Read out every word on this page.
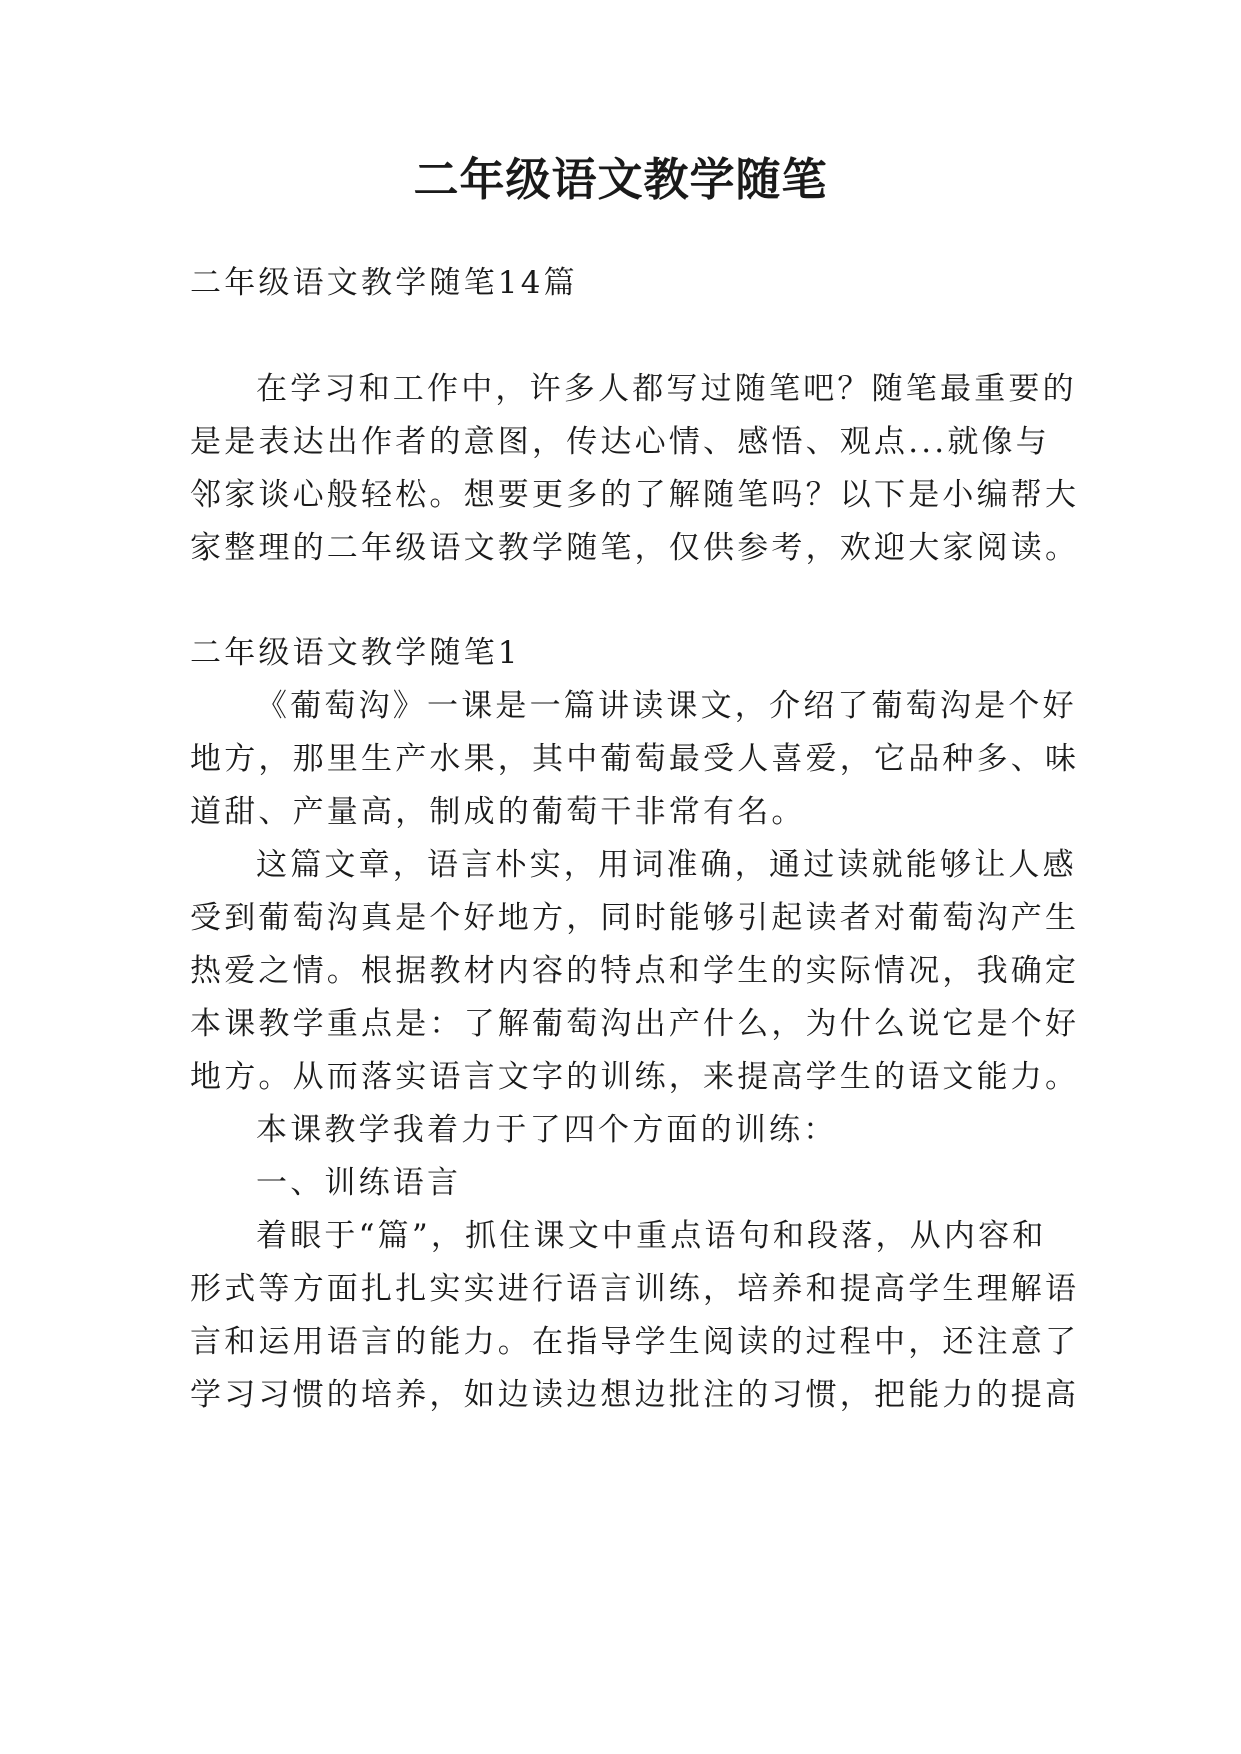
二年级语文教学随笔

二年级语文教学随笔14篇

在学习和工作中，许多人都写过随笔吧？随笔最重要的

是是表达出作者的意图，传达心情、感悟、观点...就像与

邻家谈心般轻松。想要更多的了解随笔吗？以下是小编帮大

家整理的二年级语文教学随笔，仅供参考，欢迎大家阅读。

二年级语文教学随笔1

《葡萄沟》一课是一篇讲读课文，介绍了葡萄沟是个好

地方，那里生产水果，其中葡萄最受人喜爱，它品种多、味

道甜、产量高，制成的葡萄干非常有名。

这篇文章，语言朴实，用词准确，通过读就能够让人感

受到葡萄沟真是个好地方，同时能够引起读者对葡萄沟产生

热爱之情。根据教材内容的特点和学生的实际情况，我确定

本课教学重点是：了解葡萄沟出产什么，为什么说它是个好

地方。从而落实语言文字的训练，来提高学生的语文能力。

本课教学我着力于了四个方面的训练：

一、训练语言

着眼于“篇”，抓住课文中重点语句和段落，从内容和

形式等方面扎扎实实进行语言训练，培养和提高学生理解语

言和运用语言的能力。在指导学生阅读的过程中，还注意了

学习习惯的培养，如边读边想边批注的习惯，把能力的提高
